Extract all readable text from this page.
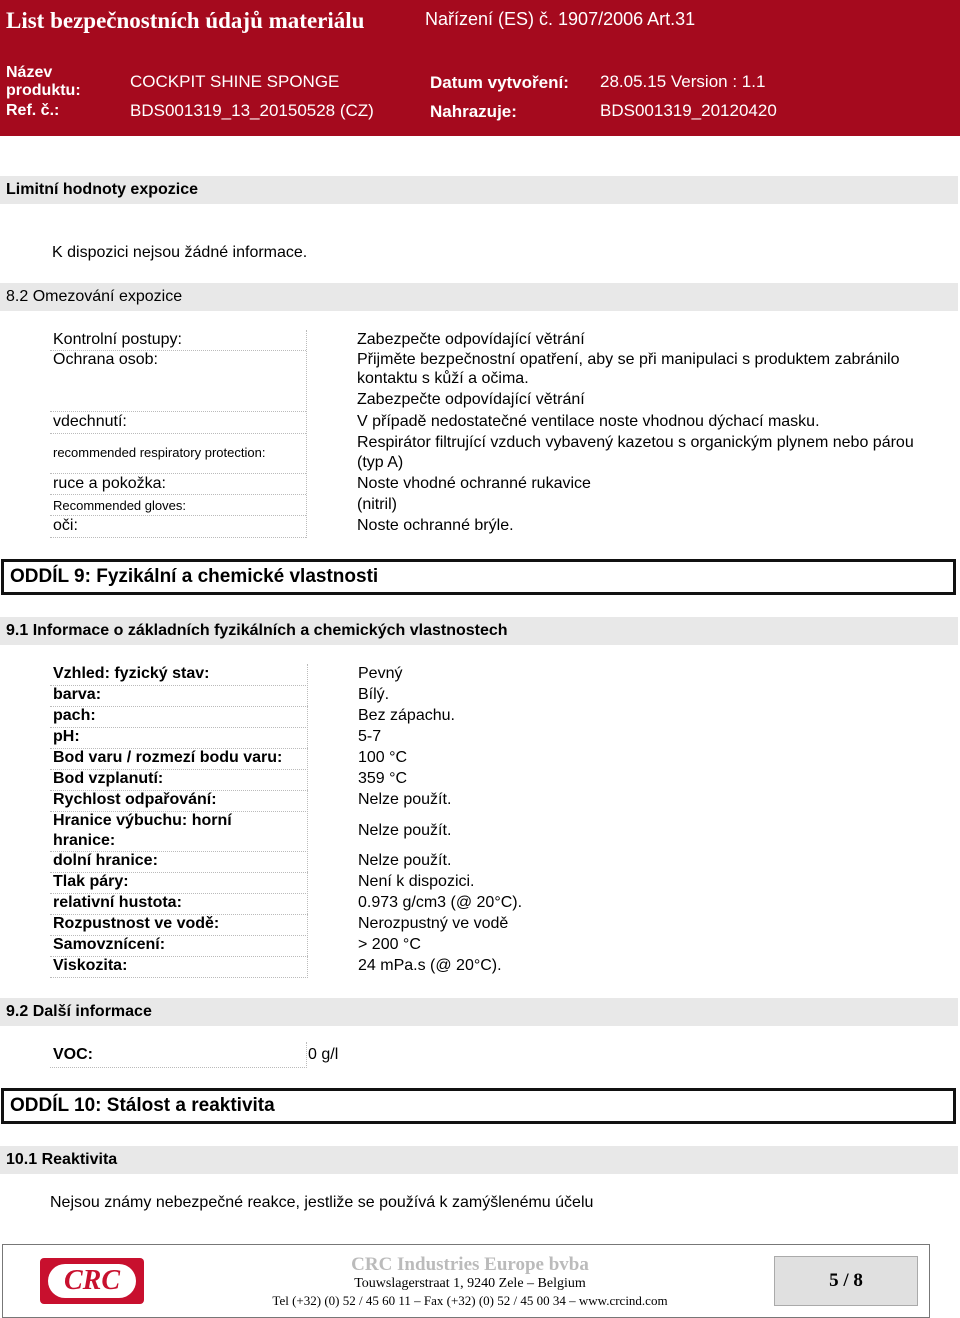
List bezpečnostních údajů materiálu	Nařízení (ES) č. 1907/2006 Art.31
Název
produktu:	COCKPIT SHINE SPONGE	Datum vytvoření: 28.05.15 Version : 1.1
Ref. č.:	BDS001319_13_20150528 (CZ)	Nahrazuje:	BDS001319_20120420
Limitní hodnoty expozice
K dispozici nejsou žádné informace.
8.2 Omezování expozice
Kontrolní postupy:	Zabezpečte odpovídající větrání
Ochrana osob:	Přijměte bezpečnostní opatření, aby se při manipulaci s produktem zabránilo
kontaktu s kůží a očima.
Zabezpečte odpovídající větrání
vdechnutí:	V případě nedostatečné ventilace noste vhodnou dýchací masku.
recommended respiratory protection:
Respirátor filtrující vzduch vybavený kazetou s organickým plynem nebo párou
(typ A)
ruce a pokožka:	Noste vhodné ochranné rukavice
Recommended gloves:	(nitril)
oči:	Noste ochranné brýle.
ODDÍL 9: Fyzikální a chemické vlastnosti
9.1 Informace o základních fyzikálních a chemických vlastnostech
Vzhled: fyzický stav:	Pevný
barva:	Bílý.
pach:	Bez zápachu.
pH:	5-7
Bod varu / rozmezí bodu varu:	100 °C
Bod vzplanutí:	359 °C
Rychlost odpařování:	Nelze použít.
Hranice výbuchu: horní
hranice:
Nelze použít.
dolní hranice:	Nelze použít.
Tlak páry:	Není k dispozici.
relativní hustota:	0.973 g/cm3 (@ 20°C).
Rozpustnost ve vodě:	Nerozpustný ve vodě
Samovznícení:	> 200 °C
Viskozita:	24 mPa.s (@ 20°C).
9.2 Další informace
VOC:	0 g/l
ODDÍL 10: Stálost a reaktivita
10.1 Reaktivita
Nejsou známy nebezpečné reakce, jestliže se používá k zamýšlenému účelu
CRC
CRC Industries Europe bvba
Touwslagerstraat 1, 9240 Zele – Belgium
Tel (+32) (0) 52 / 45 60 11 – Fax (+32) (0) 52 / 45 00 34 – www.crcind.com
5 / 8
